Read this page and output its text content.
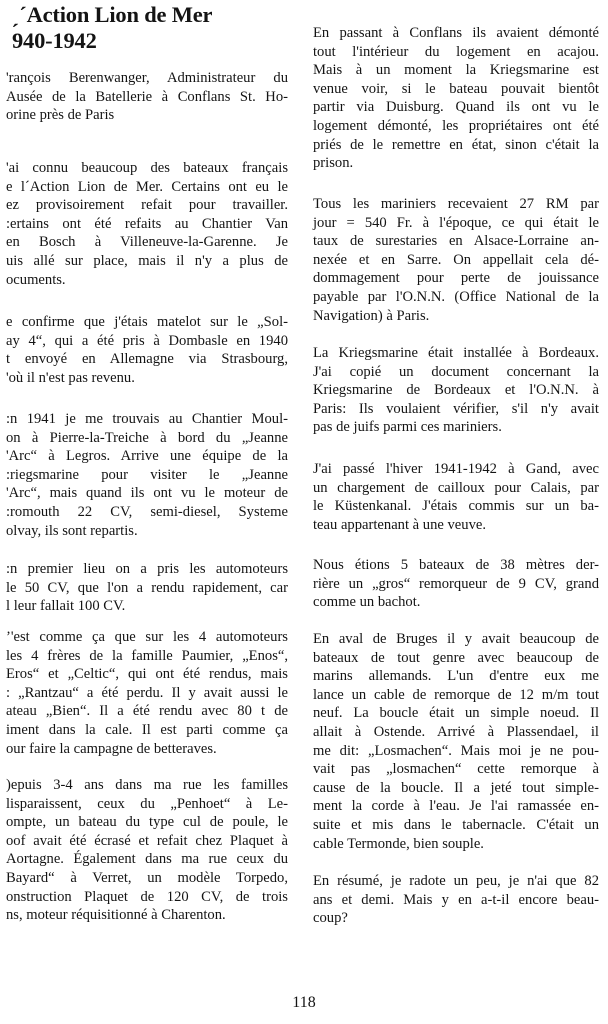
ˏ´Action Lion de Mer
940-1942
'rançois Berenwanger, Administrateur du
Ausée de la Batellerie à Conflans St. Ho-
orine près de Paris
'ai connu beaucoup des bateaux français
e l´Action Lion de Mer. Certains ont eu le
ez provisoirement refait pour travailler.
:ertains ont été refaits au Chantier Van
en Bosch à Villeneuve-la-Garenne. Je
uis allé sur place, mais il n'y a plus de
ocuments.
e confirme que j'étais matelot sur le „Sol-
ay 4“, qui a été pris à Dombasle en 1940
t envoyé en Allemagne via Strasbourg,
'où il n'est pas revenu.
:n 1941 je me trouvais au Chantier Moul-
on à Pierre-la-Treiche à bord du „Jeanne
'Arc“ à Legros. Arrive une équipe de la
:riegsmarine pour visiter le „Jeanne
'Arc“, mais quand ils ont vu le moteur de
:romouth 22 CV, semi-diesel, Systeme
olvay, ils sont repartis.
:n premier lieu on a pris les automoteurs
le 50 CV, que l'on a rendu rapidement, car
l leur fallait 100 CV.
’'est comme ça que sur les 4 automoteurs
les 4 frères de la famille Paumier, „Enos“,
Eros“ et „Celtic“, qui ont été rendus, mais
: „Rantzau“ a été perdu. Il y avait aussi le
ateau „Bien“. Il a été rendu avec 80 t de
iment dans la cale. Il est parti comme ça
our faire la campagne de betteraves.
)epuis 3-4 ans dans ma rue les familles
lisparaissent, ceux du „Penhoet“ à Le-
ompte, un bateau du type cul de poule, le
oof avait été écrasé et refait chez Plaquet à
Aortagne. Également dans ma rue ceux du
Bayard“ à Verret, un modèle Torpedo,
onstruction Plaquet de 120 CV, de trois
ns, moteur réquisitionné à Charenton.
En passant à Conflans ils avaient démonté
tout l'intérieur du logement en acajou.
Mais à un moment la Kriegsmarine est
venue voir, si le bateau pouvait bientôt
partir via Duisburg. Quand ils ont vu le
logement démonté, les propriétaires ont été
priés de le remettre en état, sinon c'était la
prison.
Tous les mariniers recevaient 27 RM par
jour = 540 Fr. à l'époque, ce qui était le
taux de surestaries en Alsace-Lorraine an-
nexée et en Sarre. On appellait cela dé-
dommagement pour perte de jouissance
payable par l'O.N.N. (Office National de la
Navigation) à Paris.
La Kriegsmarine était installée à Bordeaux.
J'ai copié un document concernant la
Kriegsmarine de Bordeaux et l'O.N.N. à
Paris: Ils voulaient vérifier, s'il n'y avait
pas de juifs parmi ces mariniers.
J'ai passé l'hiver 1941-1942 à Gand, avec
un chargement de cailloux pour Calais, par
le Küstenkanal. J'étais commis sur un ba-
teau appartenant à une veuve.
Nous étions 5 bateaux de 38 mètres der-
rière un „gros“ remorqueur de 9 CV, grand
comme un bachot.
En aval de Bruges il y avait beaucoup de
bateaux de tout genre avec beaucoup de
marins allemands. L'un d'entre eux me
lance un cable de remorque de 12 m/m tout
neuf. La boucle était un simple noeud. Il
allait à Ostende. Arrivé à Plassendael, il
me dit: „Losmachen“. Mais moi je ne pou-
vait pas „losmachen“ cette remorque à
cause de la boucle. Il a jeté tout simple-
ment la corde à l'eau. Je l'ai ramassée en-
suite et mis dans le tabernacle. C'était un
cable Termonde, bien souple.
En résumé, je radote un peu, je n'ai que 82
ans et demi. Mais y en a-t-il encore beau-
coup?
118
